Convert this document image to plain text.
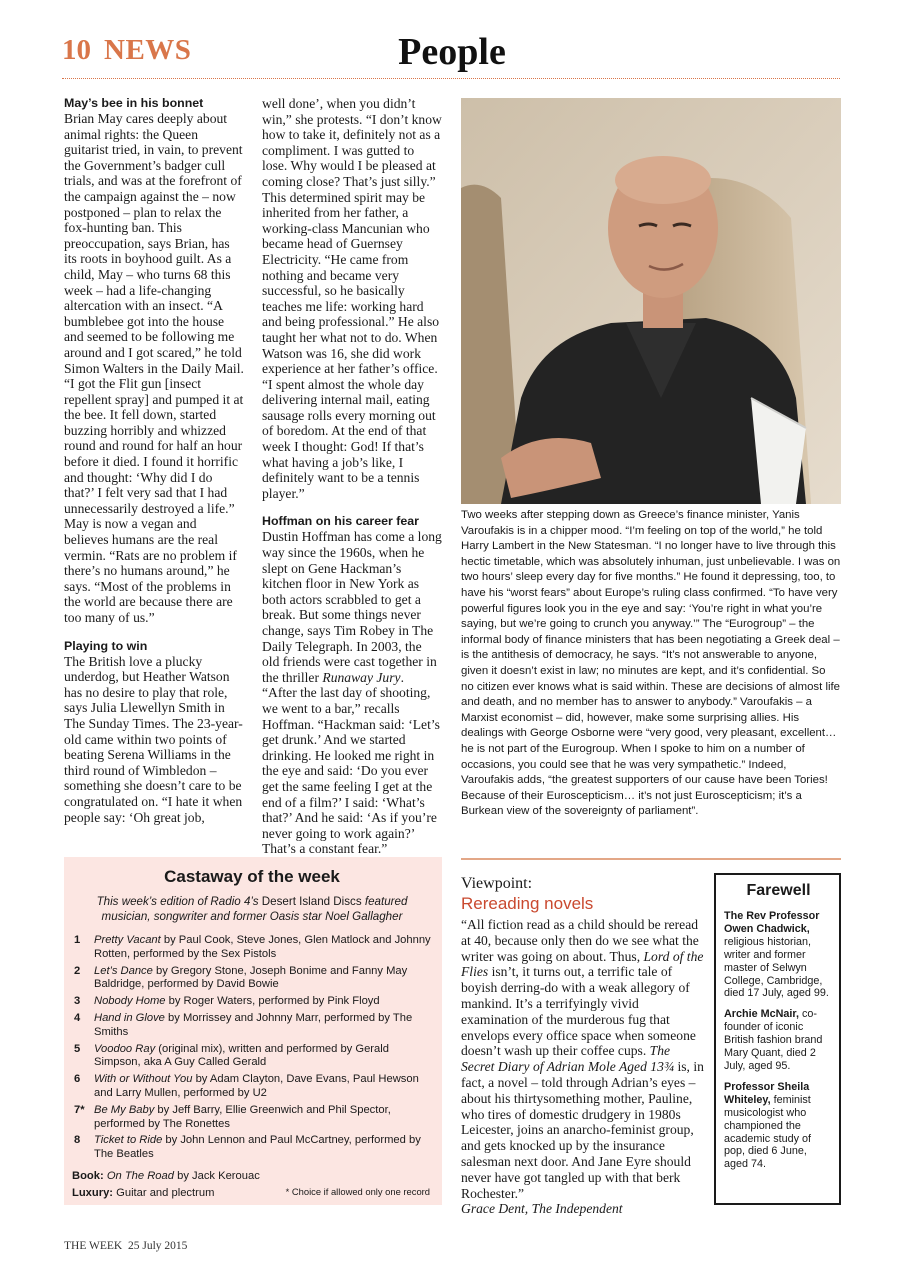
People
10 NEWS

May’s bee in his bonnet

Brian May cares deeply about animal rights: the Queen guitarist tried, in vain, to prevent the Government’s badger cull trials, and was at the forefront of the campaign against the – now postponed – plan to relax the fox-hunting ban. This preoccupation, says Brian, has its roots in boyhood guilt. As a child, May – who turns 68 this week – had a life-changing altercation with an insect. “A bumblebee got into the house and seemed to be following me around and I got scared,” he told Simon Walters in the Daily Mail. “I got the Flit gun [insect repellent spray] and pumped it at the bee. It fell down, started buzzing horribly and whizzed round and round for half an hour before it died. I found it horrific and thought: ‘Why did I do that?’ I felt very sad that I had unnecessarily destroyed a life.” May is now a vegan and believes humans are the real vermin. “Rats are no problem if there’s no humans around,” he says. “Most of the problems in the world are because there are too many of us.”

Playing to win

The British love a plucky underdog, but Heather Watson has no desire to play that role, says Julia Llewellyn Smith in The Sunday Times. The 23-year-old came within two points of beating Serena Williams in the third round of Wimbledon – something she doesn’t care to be congratulated on. “I hate it when people say: ‘Oh great job,

well done’, when you didn’t win,” she protests. “I don’t know how to take it, definitely not as a compliment. I was gutted to lose. Why would I be pleased at coming close? That’s just silly.” This determined spirit may be inherited from her father, a working-class Mancunian who became head of Guernsey Electricity. “He came from nothing and became very successful, so he basically teaches me life: working hard and being professional.” He also taught her what not to do. When Watson was 16, she did work experience at her father’s office. “I spent almost the whole day delivering internal mail, eating sausage rolls every morning out of boredom. At the end of that week I thought: God! If that’s what having a job’s like, I definitely want to be a tennis player.”

Hoffman on his career fear

Dustin Hoffman has come a long way since the 1960s, when he slept on Gene Hackman’s kitchen floor in New York as both actors scrabbled to get a break. But some things never change, says Tim Robey in The Daily Telegraph. In 2003, the old friends were cast together in the thriller Runaway Jury. “After the last day of shooting, we went to a bar,” recalls Hoffman. “Hackman said: ‘Let’s get drunk.’ And we started drinking. He looked me right in the eye and said: ‘Do you ever get the same feeling I get at the end of a film?’ I said: ‘What’s that?’ And he said: ‘As if you’re never going to work again?’ That’s a constant fear.”

Two weeks after stepping down as Greece’s finance minister, Yanis Varoufakis is in a chipper mood. “I’m feeling on top of the world,” he told Harry Lambert in the New Statesman. “I no longer have to live through this hectic timetable, which was absolutely inhuman, just unbelievable. I was on two hours’ sleep every day for five months.” He found it depressing, too, to have his “worst fears” about Europe’s ruling class confirmed. “To have very powerful figures look you in the eye and say: ‘You’re right in what you’re saying, but we’re going to crunch you anyway.’” The “Eurogroup” – the informal body of finance ministers that has been negotiating a Greek deal – is the antithesis of democracy, he says. “It’s not answerable to anyone, given it doesn’t exist in law; no minutes are kept, and it’s confidential. So no citizen ever knows what is said within. These are decisions of almost life and death, and no member has to answer to anybody.” Varoufakis – a Marxist economist – did, however, make some surprising allies. His dealings with George Osborne were “very good, very pleasant, excellent… he is not part of the Eurogroup. When I spoke to him on a number of occasions, you could see that he was very sympathetic.” Indeed, Varoufakis adds, “the greatest supporters of our cause have been Tories! Because of their Euroscepticism… it’s not just Euroscepticism; it’s a Burkean view of the sovereignty of parliament”.
Castaway of the week
This week’s edition of Radio 4’s Desert Island Discs featured musician, songwriter and former Oasis star Noel Gallagher
1 Pretty Vacant by Paul Cook, Steve Jones, Glen Matlock and Johnny Rotten, performed by the Sex Pistols
2 Let’s Dance by Gregory Stone, Joseph Bonime and Fanny May Baldridge, performed by David Bowie
3 Nobody Home by Roger Waters, performed by Pink Floyd
4 Hand in Glove by Morrissey and Johnny Marr, performed by The Smiths
5 Voodoo Ray (original mix), written and performed by Gerald Simpson, aka A Guy Called Gerald
6 With or Without You by Adam Clayton, Dave Evans, Paul Hewson and Larry Mullen, performed by U2
7* Be My Baby by Jeff Barry, Ellie Greenwich and Phil Spector, performed by The Ronettes
8 Ticket to Ride by John Lennon and Paul McCartney, performed by The Beatles
Book: On The Road by Jack Kerouac
Luxury: Guitar and plectrum	* Choice if allowed only one record
Viewpoint:
Rereading novels

“All fiction read as a child should be reread at 40, because only then do we see what the writer was going on about. Thus, Lord of the Flies isn’t, it turns out, a terrific tale of boyish derring-do with a weak allegory of mankind. It’s a terrifyingly vivid examination of the murderous fug that envelops every office space when someone doesn’t wash up their coffee cups. The Secret Diary of Adrian Mole Aged 13¾ is, in fact, a novel – told through Adrian’s eyes – about his thirtysomething mother, Pauline, who tires of domestic drudgery in 1980s Leicester, joins an anarcho-feminist group, and gets knocked up by the insurance salesman next door. And Jane Eyre should never have got tangled up with that berk Rochester.”

Grace Dent, The Independent

Farewell
The Rev Professor Owen Chadwick, religious historian, writer and former master of Selwyn College, Cambridge, died 17 July, aged 99.
Archie McNair, co-founder of iconic British fashion brand Mary Quant, died 2 July, aged 95.
Professor Sheila Whiteley, feminist musicologist who championed the academic study of pop, died 6 June, aged 74.
THE WEEK  25 July 2015
